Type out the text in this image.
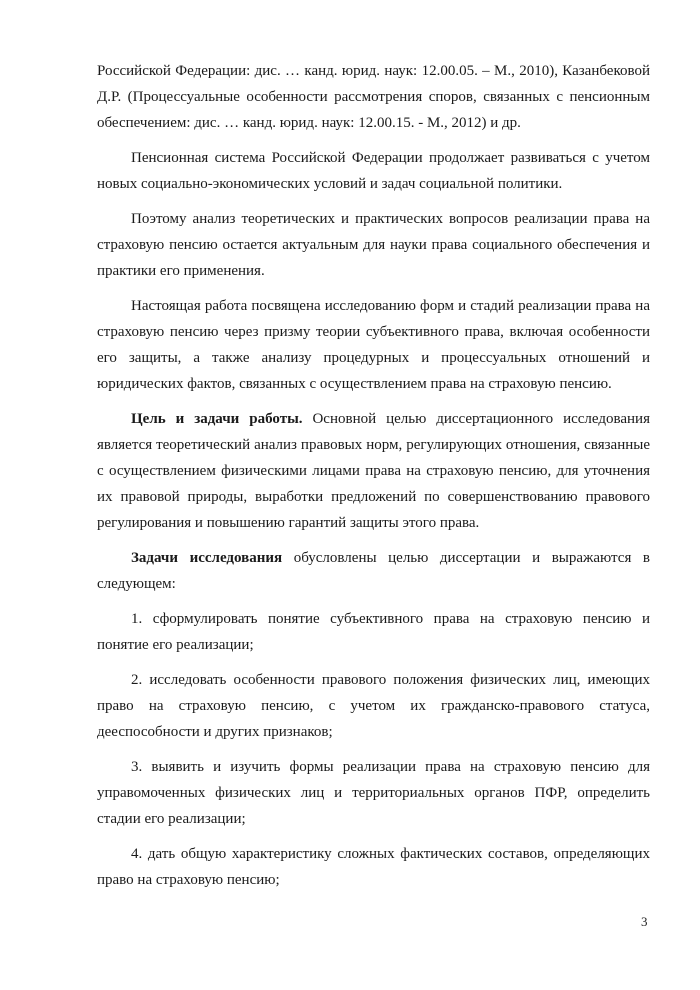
Российской Федерации: дис. … канд. юрид. наук: 12.00.05. – М., 2010), Казанбековой Д.Р. (Процессуальные особенности рассмотрения споров, связанных с пенсионным обеспечением: дис. … канд. юрид. наук: 12.00.15. - М., 2012) и др.

Пенсионная система Российской Федерации продолжает развиваться с учетом новых социально-экономических условий и задач социальной политики.

Поэтому анализ теоретических и практических вопросов реализации права на страховую пенсию остается актуальным для науки права социального обеспечения и практики его применения.

Настоящая работа посвящена исследованию форм и стадий реализации права на страховую пенсию через призму теории субъективного права, включая особенности его защиты, а также анализу процедурных и процессуальных отношений и юридических фактов, связанных с осуществлением права на страховую пенсию.

Цель и задачи работы. Основной целью диссертационного исследования является теоретический анализ правовых норм, регулирующих отношения, связанные с осуществлением физическими лицами права на страховую пенсию, для уточнения их правовой природы, выработки предложений по совершенствованию правового регулирования и повышению гарантий защиты этого права.

Задачи исследования обусловлены целью диссертации и выражаются в следующем:

1. сформулировать понятие субъективного права на страховую пенсию и понятие его реализации;

2. исследовать особенности правового положения физических лиц, имеющих право на страховую пенсию, с учетом их гражданско-правового статуса, дееспособности и других признаков;

3. выявить и изучить формы реализации права на страховую пенсию для управомоченных физических лиц и территориальных органов ПФР, определить стадии его реализации;

4. дать общую характеристику сложных фактических составов, определяющих право на страховую пенсию;

3
